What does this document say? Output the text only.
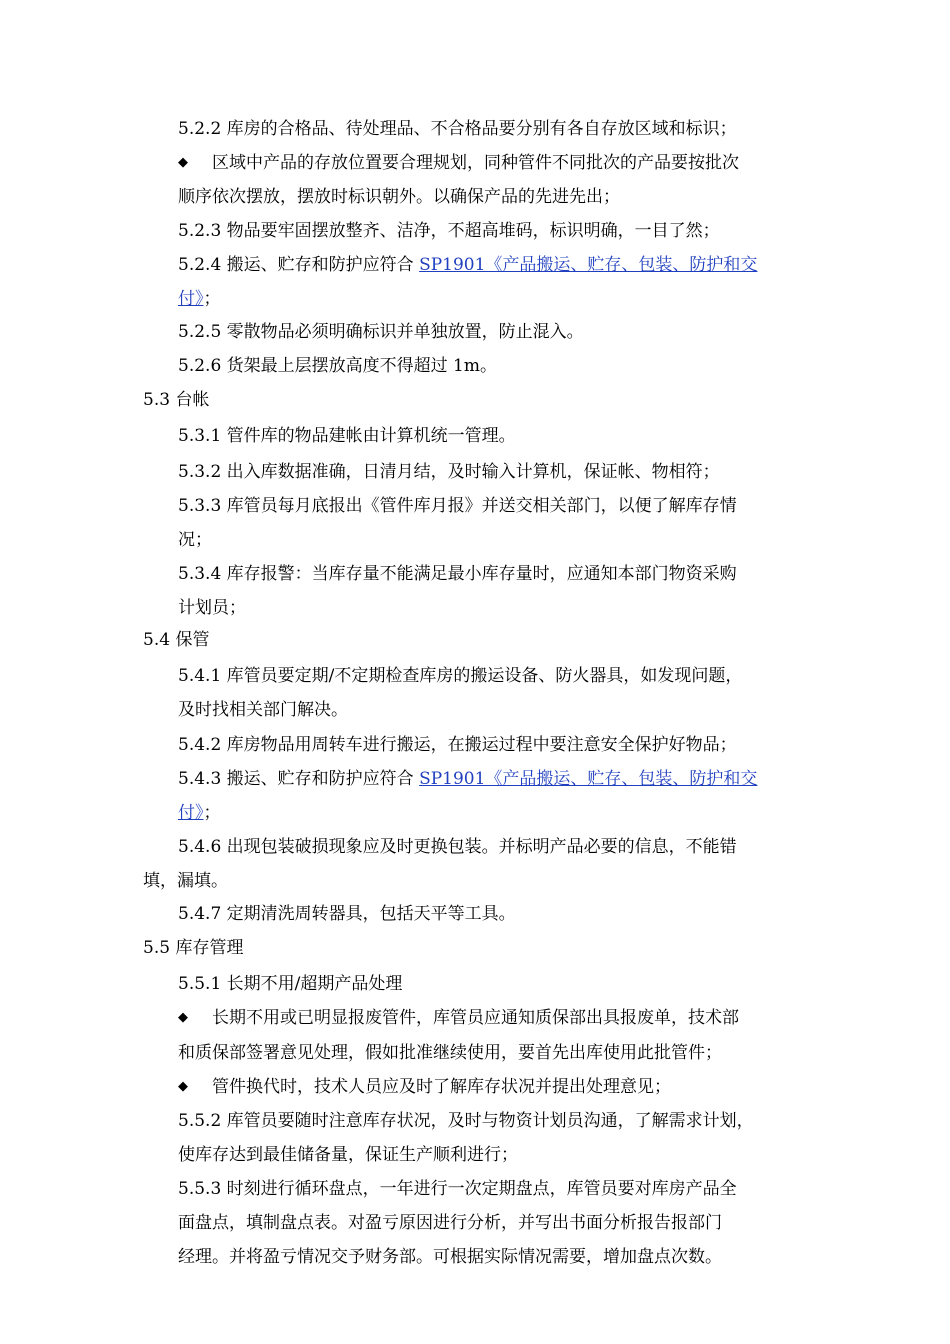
5.2.2 库房的合格品、待处理品、不合格品要分别有各自存放区域和标识；
◆ 区域中产品的存放位置要合理规划，同种管件不同批次的产品要按批次
顺序依次摆放，摆放时标识朝外。以确保产品的先进先出；
5.2.3 物品要牢固摆放整齐、洁净，不超高堆码，标识明确，一目了然；
5.2.4 搬运、贮存和防护应符合 SP1901《产品搬运、贮存、包装、防护和交
付》；
5.2.5 零散物品必须明确标识并单独放置，防止混入。
5.2.6 货架最上层摆放高度不得超过 1m。
5.3 台帐
5.3.1 管件库的物品建帐由计算机统一管理。
5.3.2 出入库数据准确，日清月结，及时输入计算机，保证帐、物相符；
5.3.3 库管员每月底报出《管件库月报》并送交相关部门，以便了解库存情
况；
5.3.4 库存报警：当库存量不能满足最小库存量时，应通知本部门物资采购
计划员；
5.4 保管
5.4.1 库管员要定期/不定期检查库房的搬运设备、防火器具，如发现问题，
及时找相关部门解决。
5.4.2 库房物品用周转车进行搬运，在搬运过程中要注意安全保护好物品；
5.4.3 搬运、贮存和防护应符合 SP1901《产品搬运、贮存、包装、防护和交
付》；
5.4.6 出现包装破损现象应及时更换包装。并标明产品必要的信息，不能错
填，漏填。
5.4.7 定期清洗周转器具，包括天平等工具。
5.5 库存管理
5.5.1 长期不用/超期产品处理
◆ 长期不用或已明显报废管件，库管员应通知质保部出具报废单，技术部
和质保部签署意见处理，假如批准继续使用，要首先出库使用此批管件；
◆ 管件换代时，技术人员应及时了解库存状况并提出处理意见；
5.5.2 库管员要随时注意库存状况，及时与物资计划员沟通，了解需求计划，
使库存达到最佳储备量，保证生产顺利进行；
5.5.3 时刻进行循环盘点，一年进行一次定期盘点，库管员要对库房产品全
面盘点，填制盘点表。对盈亏原因进行分析，并写出书面分析报告报部门
经理。并将盈亏情况交予财务部。可根据实际情况需要，增加盘点次数。
